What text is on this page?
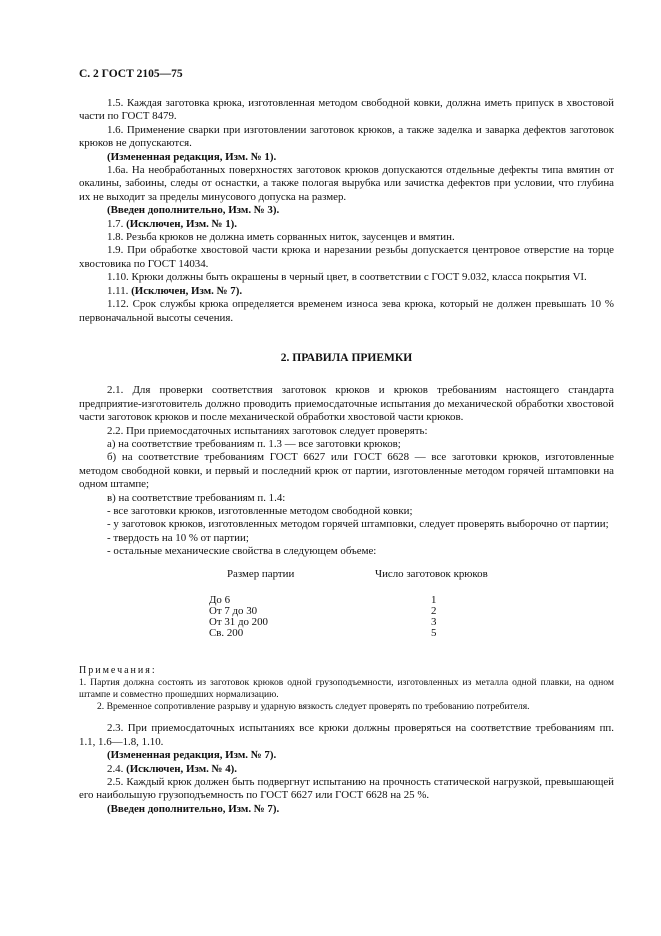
С. 2 ГОСТ 2105—75

1.5. Каждая заготовка крюка, изготовленная методом свободной ковки, должна иметь припуск в хвостовой части по ГОСТ 8479.

1.6. Применение сварки при изготовлении заготовок крюков, а также заделка и заварка дефектов заготовок крюков не допускаются.

(Измененная редакция, Изм. № 1).

1.6а. На необработанных поверхностях заготовок крюков допускаются отдельные дефекты типа вмятин от окалины, забоины, следы от оснастки, а также пологая вырубка или зачистка дефектов при условии, что глубина их не выходит за пределы минусового допуска на размер.

(Введен дополнительно, Изм. № 3).

1.7. (Исключен, Изм. № 1).

1.8. Резьба крюков не должна иметь сорванных ниток, заусенцев и вмятин.

1.9. При обработке хвостовой части крюка и нарезании резьбы допускается центровое отверстие на торце хвостовика по ГОСТ 14034.

1.10. Крюки должны быть окрашены в черный цвет, в соответствии с ГОСТ 9.032, класса покрытия VI.

1.11. (Исключен, Изм. № 7).

1.12. Срок службы крюка определяется временем износа зева крюка, который не должен превышать 10 % первоначальной высоты сечения.

2. ПРАВИЛА ПРИЕМКИ

2.1. Для проверки соответствия заготовок крюков и крюков требованиям настоящего стандарта предприятие-изготовитель должно проводить приемосдаточные испытания до механической обработки хвостовой части заготовок крюков и после механической обработки хвостовой части крюков.

2.2. При приемосдаточных испытаниях заготовок следует проверять:

а) на соответствие требованиям п. 1.3 — все заготовки крюков;

б) на соответствие требованиям ГОСТ 6627 или ГОСТ 6628 — все заготовки крюков, изготовленные методом свободной ковки, и первый и последний крюк от партии, изготовленные методом горячей штамповки на одном штампе;

в) на соответствие требованиям п. 1.4:

- все заготовки крюков, изготовленные методом свободной ковки;

- у заготовок крюков, изготовленных методом горячей штамповки, следует проверять выборочно от партии;

- твердость на 10 % от партии;

- остальные механические свойства в следующем объеме:

Размер партии	Число заготовок крюков
До 6	1
От 7 до 30	2
От 31 до 200	3
Св. 200	5
Примечания:

1. Партия должна состоять из заготовок крюков одной грузоподъемности, изготовленных из металла одной плавки, на одном штампе и совместно прошедших нормализацию.

2. Временное сопротивление разрыву и ударную вязкость следует проверять по требованию потребителя.

2.3. При приемосдаточных испытаниях все крюки должны проверяться на соответствие требованиям пп. 1.1, 1.6—1.8, 1.10.

(Измененная редакция, Изм. № 7).

2.4. (Исключен, Изм. № 4).

2.5. Каждый крюк должен быть подвергнут испытанию на прочность статической нагрузкой, превышающей его наибольшую грузоподъемность по ГОСТ 6627 или ГОСТ 6628 на 25 %.

(Введен дополнительно, Изм. № 7).
